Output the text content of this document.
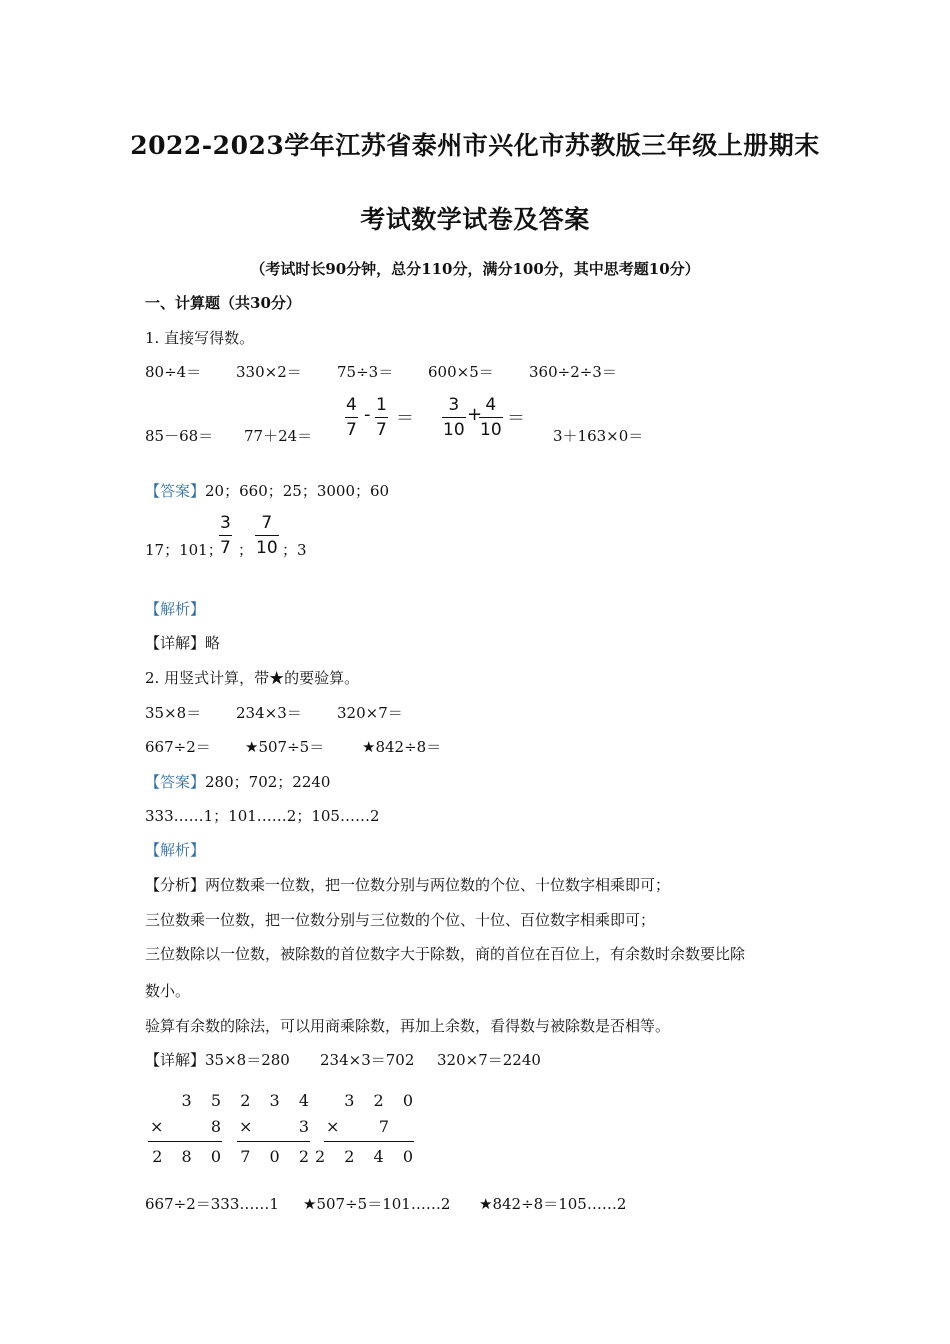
2022-2023学年江苏省泰州市兴化市苏教版三年级上册期末
考试数学试卷及答案
（考试时长90分钟，总分110分，满分100分，其中思考题10分）
一、计算题（共30分）
1. 直接写得数。
80÷4＝ 330×2＝ 75÷3＝ 600×5＝ 360÷2÷3＝
85－68＝ 77＋24＝
4
7
- 1
7
＝
3
10
+ 4
10
＝
3＋163×0＝
【答案】20；660；25；3000；60
17；101；
3
7 ；
7
10 ；3
【解析】
【详解】略
2. 用竖式计算，带★的要验算。
35×8＝ 234×3＝ 320×7＝
667÷2＝ ★507÷5＝	★842÷8＝
【答案】280；702；2240
333……1；101……2；105……2
【解析】
【分析】两位数乘一位数，把一位数分别与两位数的个位、十位数字相乘即可；
三位数乘一位数，把一位数分别与三位数的个位、十位、百位数字相乘即可；
三位数除以一位数，被除数的首位数字大于除数，商的首位在百位上，有余数时余数要比除
数小。
验算有余数的除法，可以用商乘除数，再加上余数，看得数与被除数是否相等。
【详解】35×8＝280 234×3＝702 320×7＝2240
3 5
×	8
2 8 0
2 3 4
× 3
7 0 2
3 2 0
× 7
2 2 4 0
667÷2＝333……1 ★507÷5＝101……2 ★842÷8＝105……2
